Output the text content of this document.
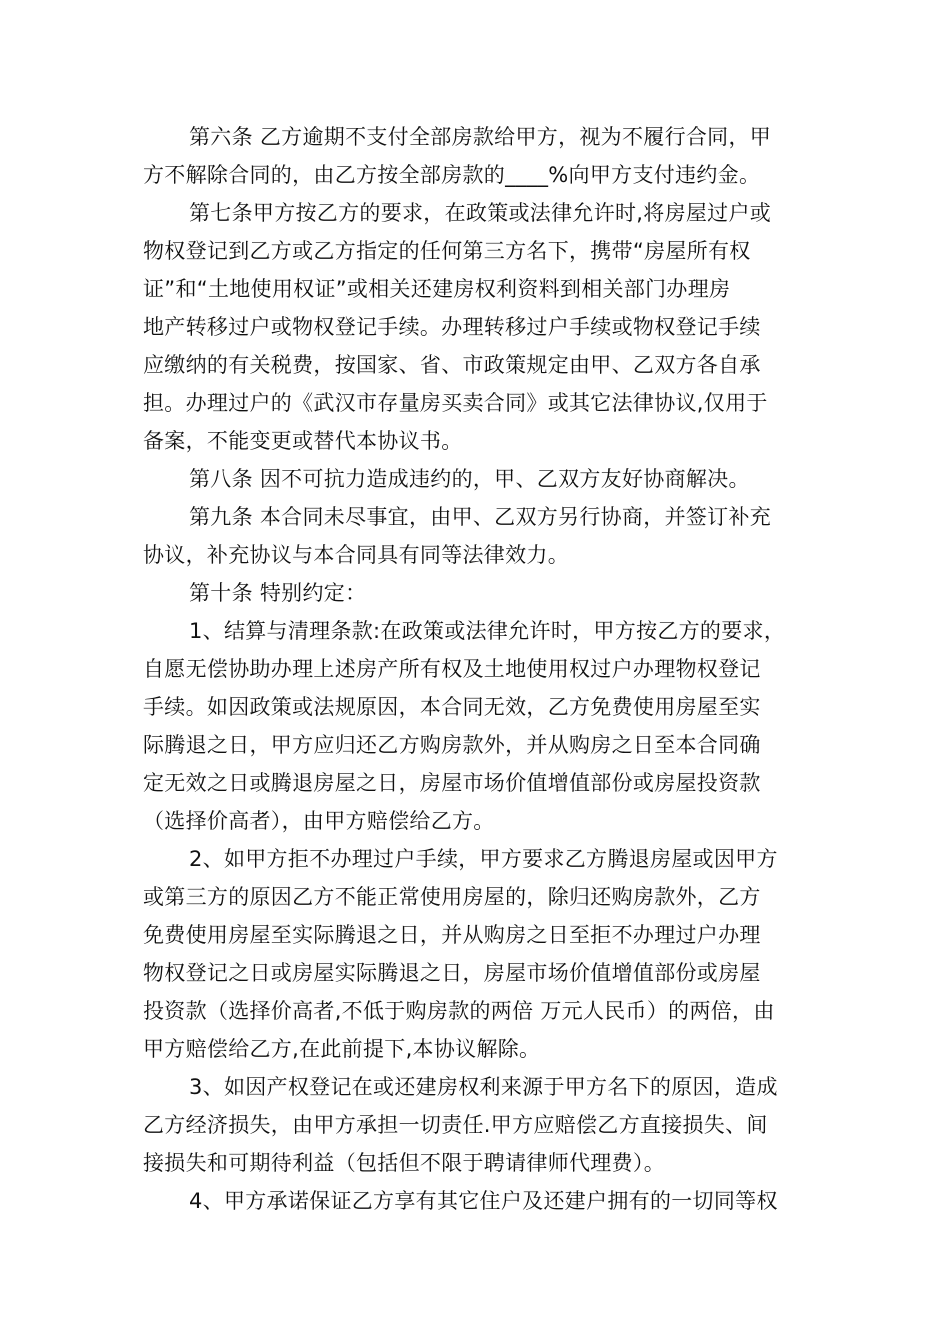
第六条 乙方逾期不支付全部房款给甲方，视为不履行合同，甲
方不解除合同的，由乙方按全部房款的____%向甲方支付违约金。
第七条甲方按乙方的要求，在政策或法律允许时,将房屋过户或
物权登记到乙方或乙方指定的任何第三方名下，携带“房屋所有权
证”和“土地使用权证”或相关还建房权利资料到相关部门办理房
地产转移过户或物权登记手续。办理转移过户手续或物权登记手续
应缴纳的有关税费，按国家、省、市政策规定由甲、乙双方各自承
担。办理过户的《武汉市存量房买卖合同》或其它法律协议,仅用于
备案，不能变更或替代本协议书。
第八条 因不可抗力造成违约的，甲、乙双方友好协商解决。
第九条 本合同未尽事宜，由甲、乙双方另行协商，并签订补充
协议，补充协议与本合同具有同等法律效力。
第十条 特别约定：
1、结算与清理条款:在政策或法律允许时，甲方按乙方的要求，
自愿无偿协助办理上述房产所有权及土地使用权过户办理物权登记
手续。如因政策或法规原因，本合同无效，乙方免费使用房屋至实
际腾退之日，甲方应归还乙方购房款外，并从购房之日至本合同确
定无效之日或腾退房屋之日，房屋市场价值增值部份或房屋投资款
（选择价高者），由甲方赔偿给乙方。
2、如甲方拒不办理过户手续，甲方要求乙方腾退房屋或因甲方
或第三方的原因乙方不能正常使用房屋的，除归还购房款外，乙方
免费使用房屋至实际腾退之日，并从购房之日至拒不办理过户办理
物权登记之日或房屋实际腾退之日，房屋市场价值增值部份或房屋
投资款（选择价高者,不低于购房款的两倍 万元人民币）的两倍，由
甲方赔偿给乙方,在此前提下,本协议解除。
3、如因产权登记在或还建房权利来源于甲方名下的原因，造成
乙方经济损失，由甲方承担一切责任.甲方应赔偿乙方直接损失、间
接损失和可期待利益（包括但不限于聘请律师代理费）。
4、甲方承诺保证乙方享有其它住户及还建户拥有的一切同等权
